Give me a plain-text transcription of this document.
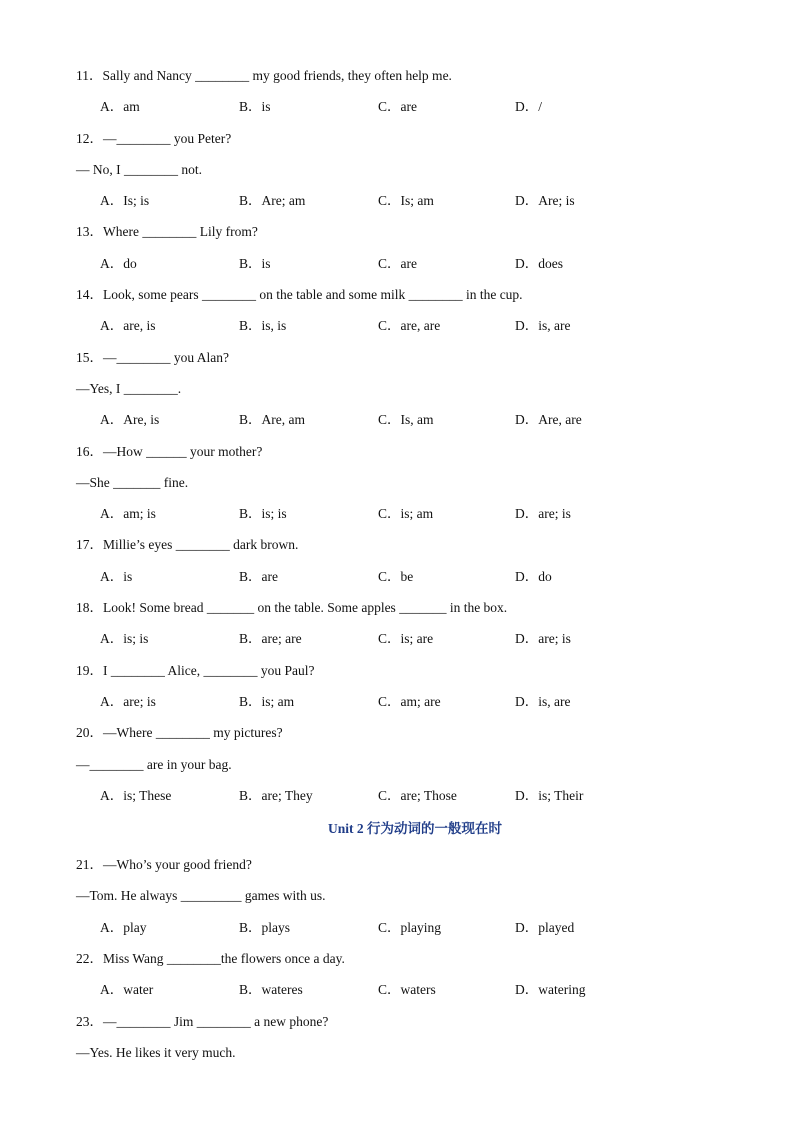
11．Sally and Nancy ________ my good friends, they often help me.
A．am	B．is	C．are	D．/
12．—________ you Peter?
— No, I ________ not.
A．Is; is	B．Are; am	C．Is; am	D．Are; is
13．Where ________ Lily from?
A．do	B．is	C．are	D．does
14．Look, some pears ________ on the table and some milk ________ in the cup.
A．are, is	B．is, is	C．are, are	D．is, are
15．—________ you Alan?
—Yes, I ________.
A．Are, is	B．Are, am	C．Is, am	D．Are, are
16．—How ______ your mother?
—She _______ fine.
A．am; is	B．is; is	C．is; am	D．are; is
17．Millie’s eyes ________ dark brown.
A．is	B．are	C．be	D．do
18．Look! Some bread _______ on the table. Some apples _______ in the box.
A．is; is	B．are; are	C．is; are	D．are; is
19．I ________ Alice, ________ you Paul?
A．are; is	B．is; am	C．am; are	D．is, are
20．—Where ________ my pictures?
—________ are in your bag.
A．is; These	B．are; They	C．are; Those	D．is; Their
Unit 2 行为动词的一般现在时
21．—Who’s your good friend?
—Tom. He always _________ games with us.
A．play	B．plays	C．playing	D．played
22．Miss Wang ________the flowers once a day.
A．water	B．wateres	C．waters	D．watering
23．—________ Jim ________ a new phone?
—Yes. He likes it very much.
